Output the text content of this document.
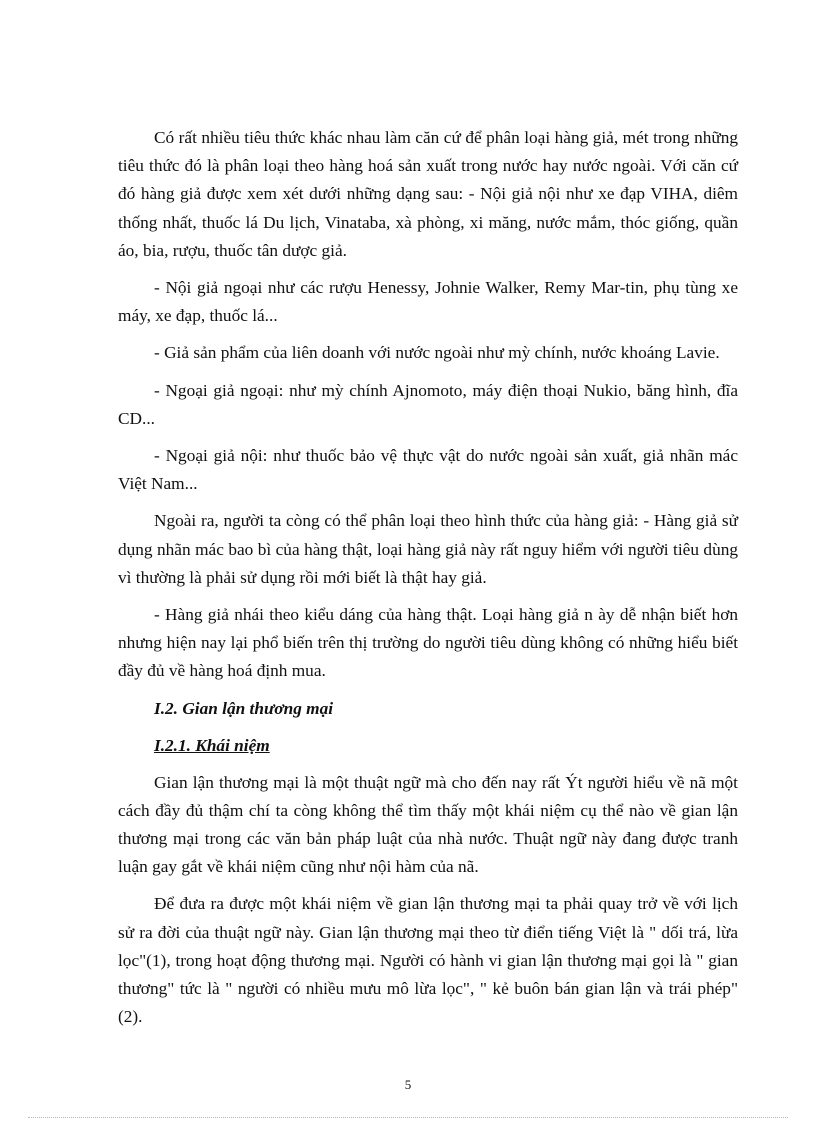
Có rất nhiều tiêu thức khác nhau làm căn cứ để phân loại hàng giả, mét trong những tiêu thức đó là phân loại theo hàng hoá sản xuất trong nước hay nước ngoài. Với căn cứ đó hàng giả được xem xét dưới những dạng sau: - Nội giả nội như xe đạp VIHA, diêm thống nhất, thuốc lá Du lịch, Vinataba, xà phòng, xi măng, nước mắm, thóc giống, quần áo, bia, rượu, thuốc tân dược giả.

- Nội giả ngoại như các rượu Henessy, Johnie Walker, Remy Mar-tin, phụ tùng xe máy, xe đạp, thuốc lá...

- Giả sản phẩm của liên doanh với nước ngoài như mỳ chính, nước khoáng Lavie.

- Ngoại giả ngoại: như mỳ chính Ajnomoto, máy điện thoại Nukio, băng hình, đĩa CD...

- Ngoại giả nội: như thuốc bảo vệ thực vật do nước ngoài sản xuất, giả nhãn mác Việt Nam...

Ngoài ra, người ta còng có thể phân loại theo hình thức của hàng giả: - Hàng giả sử dụng nhãn mác bao bì của hàng thật, loại hàng giả này rất nguy hiểm với người tiêu dùng vì thường là phải sử dụng rồi mới biết là thật hay giả.

- Hàng giả nhái theo kiểu dáng của hàng thật. Loại hàng giả n ày dễ nhận biết hơn nhưng hiện nay lại phổ biến trên thị trường do người tiêu dùng không có những hiểu biết đầy đủ về hàng hoá định mua.

I.2. Gian lận thương mại
I.2.1. Khái niệm

Gian lận thương mại là một thuật ngữ mà cho đến nay rất Ýt người hiểu về nã một cách đầy đủ thậm chí ta còng không thể tìm thấy một khái niệm cụ thể nào về gian lận thương mại trong các văn bản pháp luật của nhà nước. Thuật ngữ này đang được tranh luận gay gắt về khái niệm cũng như nội hàm của nã.

Để đưa ra được một khái niệm về gian lận thương mại ta phải quay trở về với lịch sử ra đời của thuật ngữ này. Gian lận thương mại theo từ điển tiếng Việt là " dối trá, lừa lọc"(1), trong hoạt động thương mại. Người có hành vi gian lận thương mại gọi là " gian thương" tức là " người có nhiều mưu mô lừa lọc", " kẻ buôn bán gian lận và trái phép"(2).

5
